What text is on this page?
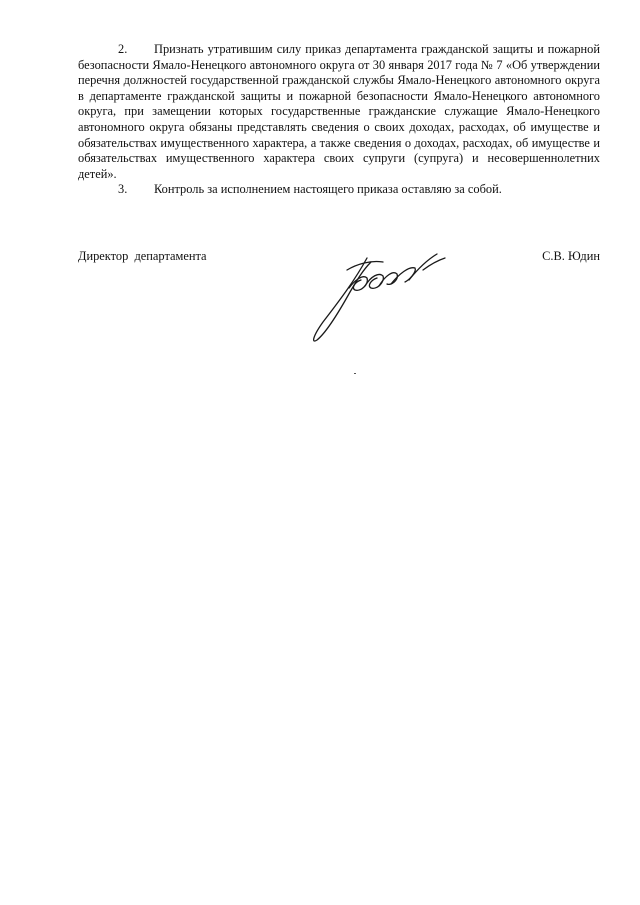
2. Признать утратившим силу приказ департамента гражданской защиты и пожарной безопасности Ямало-Ненецкого автономного округа от 30 января 2017 года № 7 «Об утверждении перечня должностей государственной гражданской службы Ямало-Ненецкого автономного округа в департаменте гражданской защиты и пожарной безопасности Ямало-Ненецкого автономного округа, при замещении которых государственные гражданские служащие Ямало-Ненецкого автономного округа обязаны представлять сведения о своих доходах, расходах, об имуществе и обязательствах имущественного характера, а также сведения о доходах, расходах, об имуществе и обязательствах имущественного характера своих супруги (супруга) и несовершеннолетних детей».

3. Контроль за исполнением настоящего приказа оставляю за собой.

Директор  департамента	С.В. Юдин
